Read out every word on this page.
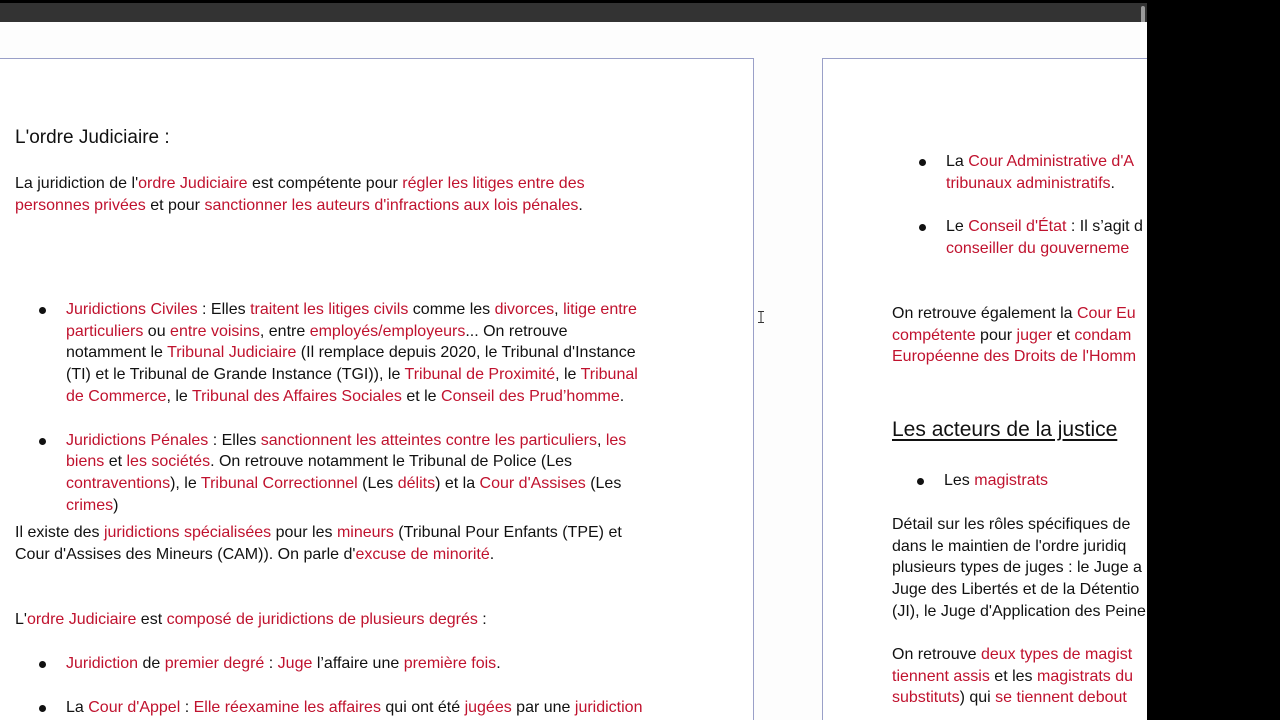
L'ordre Judiciaire :
La juridiction de l'ordre Judiciaire est compétente pour régler les litiges entre des
personnes privées et pour sanctionner les auteurs d'infractions aux lois pénales.
Juridictions Civiles : Elles traitent les litiges civils comme les divorces, litige entre
particuliers ou entre voisins, entre employés/employeurs... On retrouve
notamment le Tribunal Judiciaire (Il remplace depuis 2020, le Tribunal d'Instance
(TI) et le Tribunal de Grande Instance (TGI)), le Tribunal de Proximité, le Tribunal
de Commerce, le Tribunal des Affaires Sociales et le Conseil des Prud’homme.
Juridictions Pénales : Elles sanctionnent les atteintes contre les particuliers, les
biens et les sociétés. On retrouve notamment le Tribunal de Police (Les
contraventions), le Tribunal Correctionnel (Les délits) et la Cour d'Assises (Les
crimes)
Il existe des juridictions spécialisées pour les mineurs (Tribunal Pour Enfants (TPE) et
Cour d'Assises des Mineurs (CAM)). On parle d'excuse de minorité.
L'ordre Judiciaire est composé de juridictions de plusieurs degrés :
Juridiction de premier degré : Juge l’affaire une première fois.
La Cour d'Appel : Elle réexamine les affaires qui ont été jugées par une juridiction
La Cour Administrative d'A
tribunaux administratifs.
Le Conseil d'État : Il s’agit d
conseiller du gouverneme
On retrouve également la Cour Eu
compétente pour juger et condam
Européenne des Droits de l'Homm
Les acteurs de la justice
Les magistrats
Détail sur les rôles spécifiques de
dans le maintien de l'ordre juridiq
plusieurs types de juges : le Juge a
Juge des Libertés et de la Détentio
(JI), le Juge d'Application des Peine
On retrouve deux types de magist
tiennent assis et les magistrats du
substituts) qui se tiennent debout
